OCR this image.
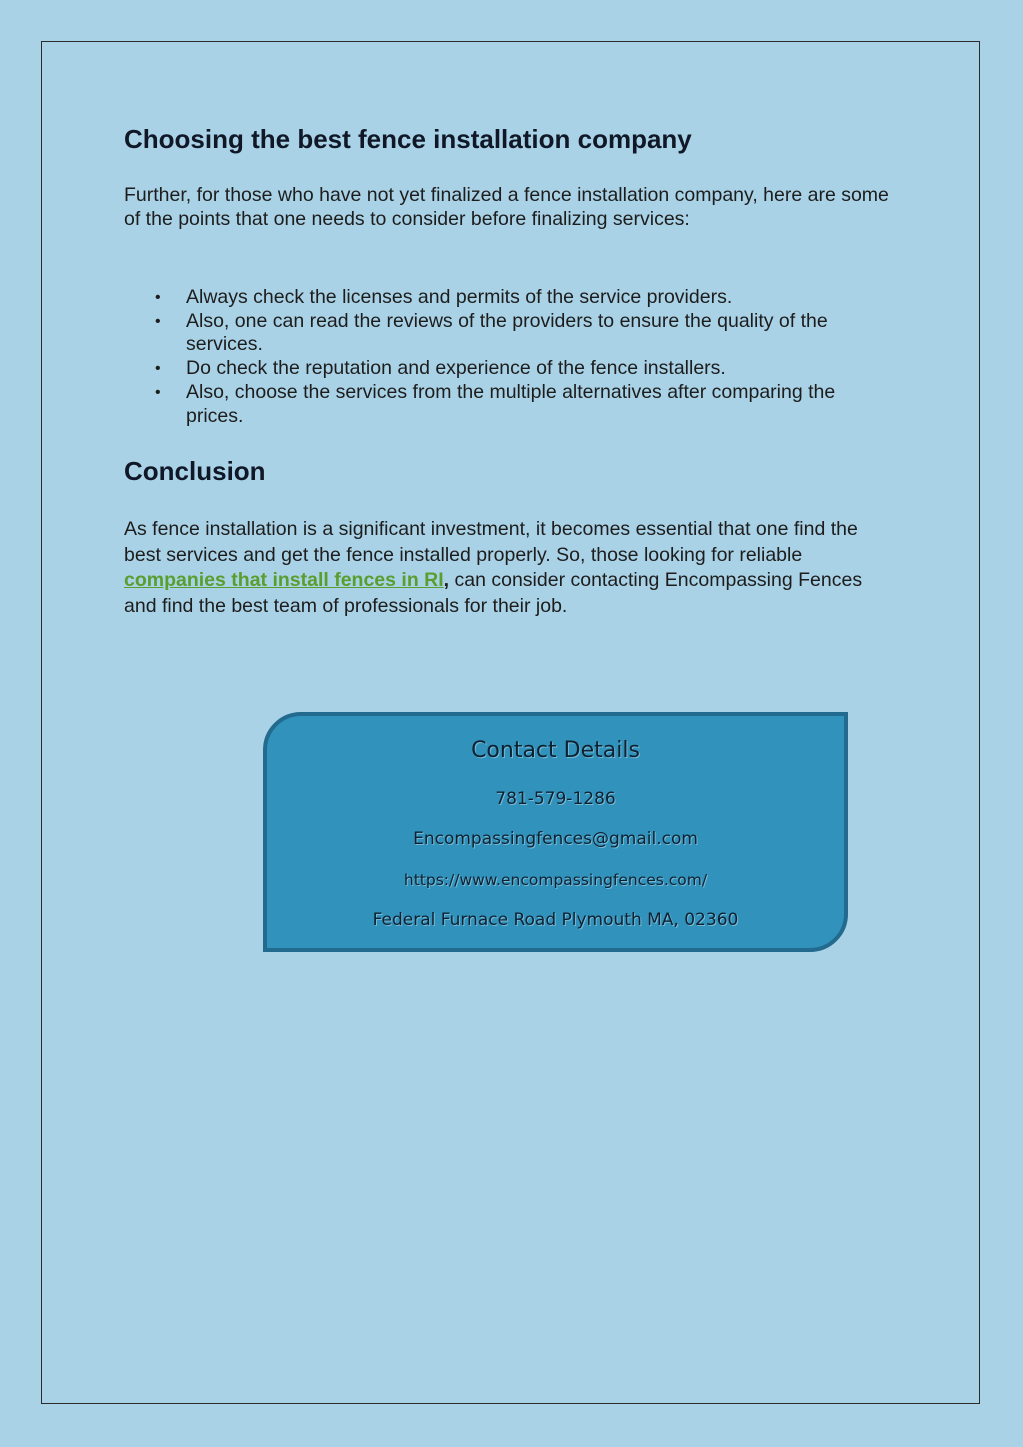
Choosing the best fence installation company

Further, for those who have not yet finalized a fence installation company, here are some of the points that one needs to consider before finalizing services:

• Always check the licenses and permits of the service providers.
• Also, one can read the reviews of the providers to ensure the quality of the services.
• Do check the reputation and experience of the fence installers.
• Also, choose the services from the multiple alternatives after comparing the prices.
Conclusion

As fence installation is a significant investment, it becomes essential that one find the best services and get the fence installed properly. So, those looking for reliable companies that install fences in RI, can consider contacting Encompassing Fences and find the best team of professionals for their job.

Contact Details
781-579-1286
Encompassingfences@gmail.com
https://www.encompassingfences.com/
Federal Furnace Road Plymouth MA, 02360
